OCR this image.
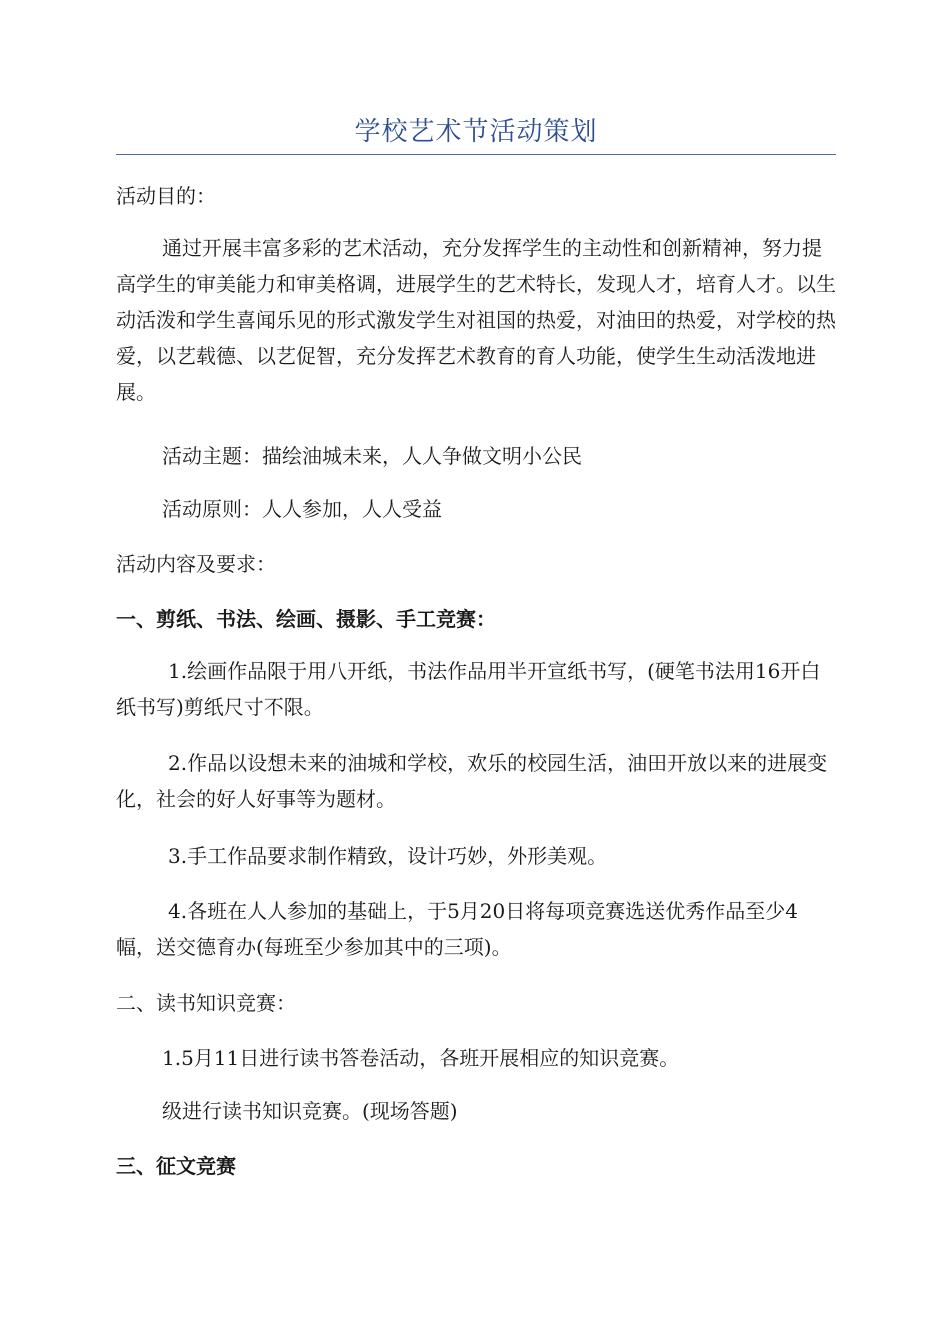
学校艺术节活动策划

活动目的：

通过开展丰富多彩的艺术活动，充分发挥学生的主动性和创新精神，努力提高学生的审美能力和审美格调，进展学生的艺术特长，发现人才，培育人才。以生动活泼和学生喜闻乐见的形式激发学生对祖国的热爱，对油田的热爱，对学校的热爱，以艺载德、以艺促智，充分发挥艺术教育的育人功能，使学生生动活泼地进展。

活动主题：描绘油城未来，人人争做文明小公民

活动原则：人人参加，人人受益

活动内容及要求：

一、剪纸、书法、绘画、摄影、手工竞赛：

1.绘画作品限于用八开纸，书法作品用半开宣纸书写，(硬笔书法用16开白纸书写)剪纸尺寸不限。

2.作品以设想未来的油城和学校，欢乐的校园生活，油田开放以来的进展变化，社会的好人好事等为题材。

3.手工作品要求制作精致，设计巧妙，外形美观。

4.各班在人人参加的基础上，于5月20日将每项竞赛选送优秀作品至少4幅，送交德育办(每班至少参加其中的三项)。

二、读书知识竞赛：

1.5月11日进行读书答卷活动，各班开展相应的知识竞赛。

级进行读书知识竞赛。(现场答题)

三、征文竞赛
